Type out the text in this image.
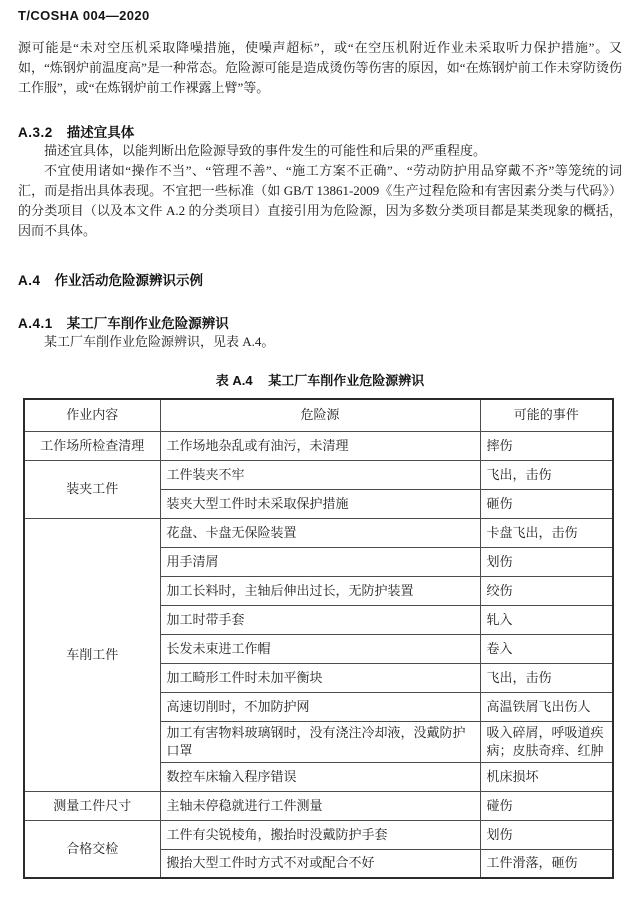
T/COSHA 004—2020

源可能是“未对空压机采取降噪措施，使噪声超标”，或“在空压机附近作业未采取听力保护措施”。又如，“炼钢炉前温度高”是一种常态。危险源可能是造成烫伤等伤害的原因，如“在炼钢炉前工作未穿防烫伤工作服”，或“在炼钢炉前工作裸露上臂”等。

A.3.2 描述宜具体

描述宜具体，以能判断出危险源导致的事件发生的可能性和后果的严重程度。

不宜使用诸如“操作不当”、“管理不善”、“施工方案不正确”、“劳动防护用品穿戴不齐”等笼统的词汇，而是指出具体表现。不宜把一些标准（如 GB/T 13861-2009《生产过程危险和有害因素分类与代码》）的分类项目（以及本文件 A.2 的分类项目）直接引用为危险源，因为多数分类项目都是某类现象的概括，因而不具体。

A.4 作业活动危险源辨识示例
A.4.1 某工厂车削作业危险源辨识

某工厂车削作业危险源辨识，见表 A.4。

表 A.4 某工厂车削作业危险源辨识
作业内容	危险源	可能的事件
工作场所检查清理	工作场地杂乱或有油污，未清理	摔伤
装夹工件	工件装夹不牢	飞出，击伤
	装夹大型工件时未采取保护措施	砸伤
车削工件	花盘、卡盘无保险装置	卡盘飞出，击伤
	用手清屑	划伤
	加工长料时，主轴后伸出过长，无防护装置	绞伤
	加工时带手套	轧入
	长发未束进工作帽	卷入
	加工畸形工件时未加平衡块	飞出，击伤
	高速切削时，不加防护网	高温铁屑飞出伤人
	加工有害物料玻璃钢时，没有浇注冷却液，没戴防护口罩	吸入碎屑，呼吸道疾病；皮肤奇痒、红肿
	数控车床输入程序错误	机床损坏
测量工件尺寸	主轴未停稳就进行工件测量	碰伤
合格交检	工件有尖锐棱角，搬抬时没戴防护手套	划伤
	搬抬大型工件时方式不对或配合不好	工件滑落，砸伤
